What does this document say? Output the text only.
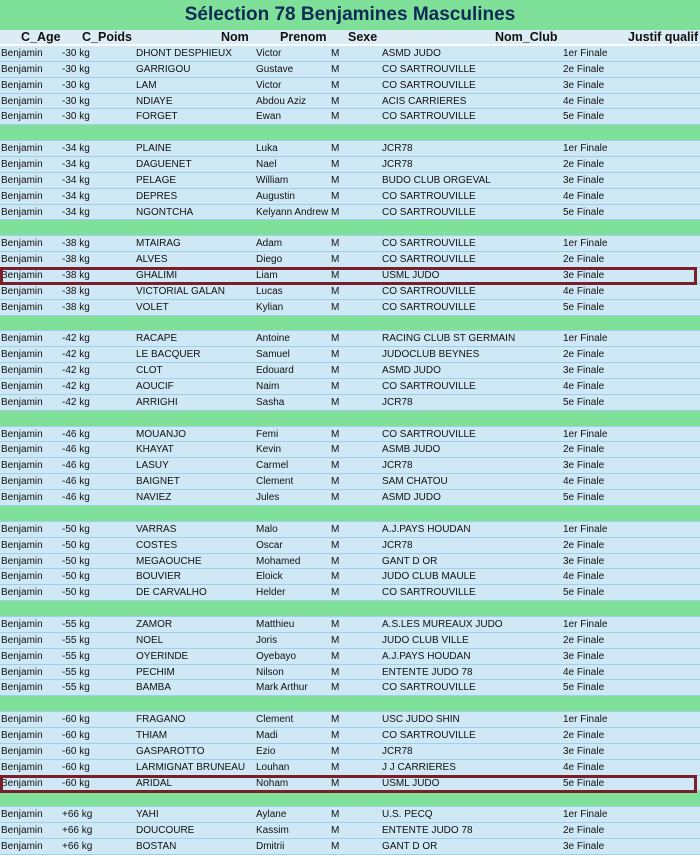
Sélection 78 Benjamines Masculines
C_Age C_Poids	Nom Prenom Sexe	Nom_Club	Justif qualif
Benjamin	-30 kg	DHONT DESPHIEUX	Victor	M	ASMD JUDO	1er Finale
Benjamin	-30 kg	GARRIGOU	Gustave	M	CO SARTROUVILLE	2e Finale
Benjamin	-30 kg	LAM	Victor	M	CO SARTROUVILLE	3e Finale
Benjamin	-30 kg	NDIAYE	Abdou Aziz	M	ACIS CARRIERES	4e Finale
Benjamin	-30 kg	FORGET	Ewan	M	CO SARTROUVILLE	5e Finale
Benjamin	-34 kg	PLAINE	Luka	M	JCR78	1er Finale
Benjamin	-34 kg	DAGUENET	Nael	M	JCR78	2e Finale
Benjamin	-34 kg	PELAGE	William	M	BUDO CLUB ORGEVAL	3e Finale
Benjamin	-34 kg	DEPRES	Augustin	M	CO SARTROUVILLE	4e Finale
Benjamin	-34 kg	NGONTCHA	Kelyann Andrew M	CO SARTROUVILLE	5e Finale
Benjamin	-38 kg	MTAIRAG	Adam	M	CO SARTROUVILLE	1er Finale
Benjamin	-38 kg	ALVES	Diego	M	CO SARTROUVILLE	2e Finale
Benjamin	-38 kg	GHALIMI	Liam	M	USML JUDO	3e Finale
Benjamin	-38 kg	VICTORIAL GALAN	Lucas	M	CO SARTROUVILLE	4e Finale
Benjamin	-38 kg	VOLET	Kylian	M	CO SARTROUVILLE	5e Finale
Benjamin	-42 kg	RACAPE	Antoine	M	RACING CLUB ST GERMAIN	1er Finale
Benjamin	-42 kg	LE BACQUER	Samuel	M	JUDOCLUB BEYNES	2e Finale
Benjamin	-42 kg	CLOT	Edouard	M	ASMD JUDO	3e Finale
Benjamin	-42 kg	AOUCIF	Naim	M	CO SARTROUVILLE	4e Finale
Benjamin	-42 kg	ARRIGHI	Sasha	M	JCR78	5e Finale
Benjamin	-46 kg	MOUANJO	Femi	M	CO SARTROUVILLE	1er Finale
Benjamin	-46 kg	KHAYAT	Kevin	M	ASMB JUDO	2e Finale
Benjamin	-46 kg	LASUY	Carmel	M	JCR78	3e Finale
Benjamin	-46 kg	BAIGNET	Clement	M	SAM CHATOU	4e Finale
Benjamin	-46 kg	NAVIEZ	Jules	M	ASMD JUDO	5e Finale
Benjamin	-50 kg	VARRAS	Malo	M	A.J.PAYS HOUDAN	1er Finale
Benjamin	-50 kg	COSTES	Oscar	M	JCR78	2e Finale
Benjamin	-50 kg	MEGAOUCHE	Mohamed	M	GANT D OR	3e Finale
Benjamin	-50 kg	BOUVIER	Eloick	M	JUDO CLUB MAULE	4e Finale
Benjamin	-50 kg	DE CARVALHO	Helder	M	CO SARTROUVILLE	5e Finale
Benjamin	-55 kg	ZAMOR	Matthieu	M	A.S.LES MUREAUX JUDO	1er Finale
Benjamin	-55 kg	NOEL	Joris	M	JUDO CLUB VILLE	2e Finale
Benjamin	-55 kg	OYERINDE	Oyebayo	M	A.J.PAYS HOUDAN	3e Finale
Benjamin	-55 kg	PECHIM	Nilson	M	ENTENTE JUDO 78	4e Finale
Benjamin	-55 kg	BAMBA	Mark Arthur	M	CO SARTROUVILLE	5e Finale
Benjamin	-60 kg	FRAGANO	Clement	M	USC JUDO SHIN	1er Finale
Benjamin	-60 kg	THIAM	Madi	M	CO SARTROUVILLE	2e Finale
Benjamin	-60 kg	GASPAROTTO	Ezio	M	JCR78	3e Finale
Benjamin	-60 kg	LARMIGNAT BRUNEAU	Louhan	M	J J CARRIERES	4e Finale
Benjamin	-60 kg	ARIDAL	Noham	M	USML JUDO	5e Finale
Benjamin	+66 kg	YAHI	Aylane	M	U.S. PECQ	1er Finale
Benjamin	+66 kg	DOUCOURE	Kassim	M	ENTENTE JUDO 78	2e Finale
Benjamin	+66 kg	BOSTAN	Dmitrii	M	GANT D OR	3e Finale
